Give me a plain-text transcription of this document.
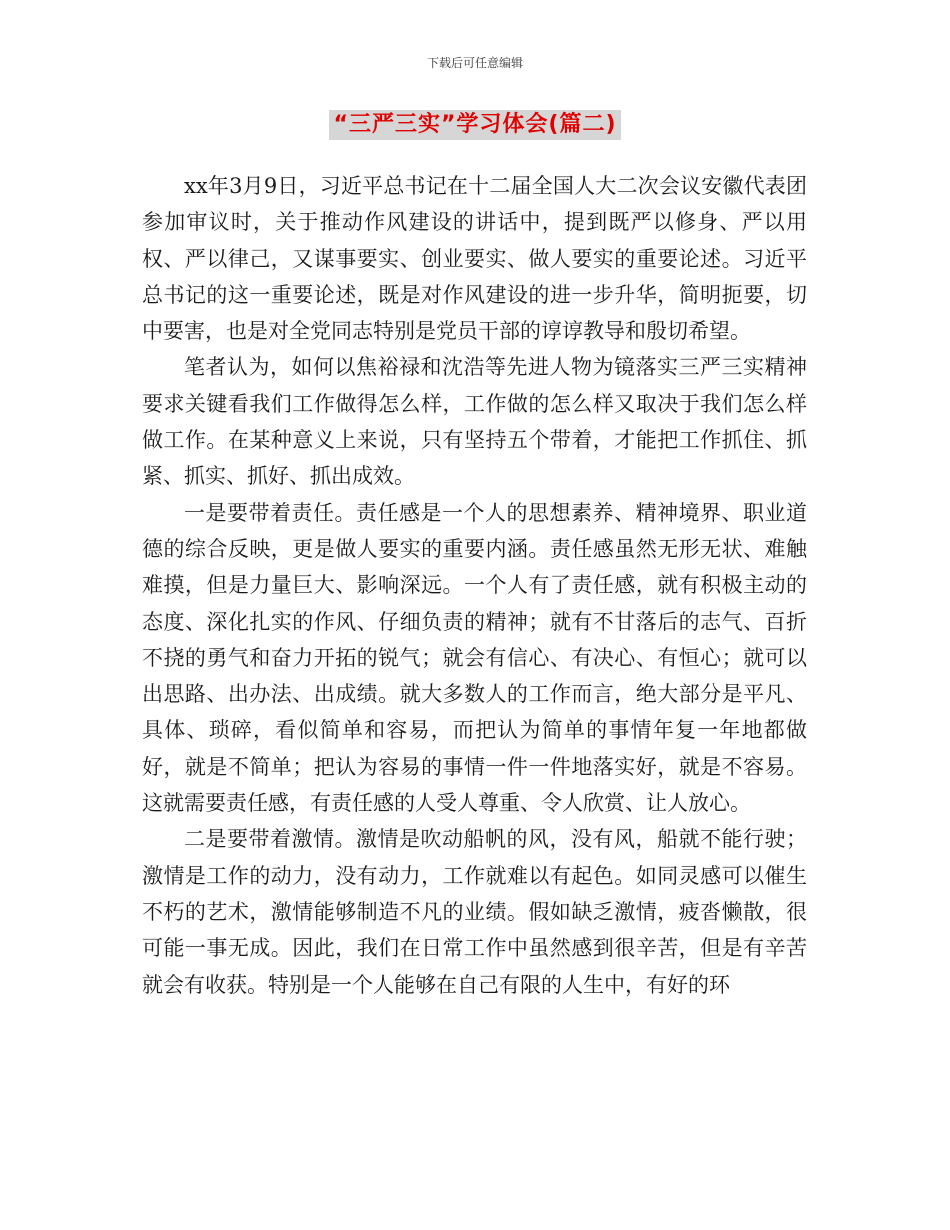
下载后可任意编辑
“三严三实”学习体会(篇二)

xx年3月9日，习近平总书记在十二届全国人大二次会议安徽代表团参加审议时，关于推动作风建设的讲话中，提到既严以修身、严以用权、严以律己，又谋事要实、创业要实、做人要实的重要论述。习近平总书记的这一重要论述，既是对作风建设的进一步升华，简明扼要，切中要害，也是对全党同志特别是党员干部的谆谆教导和殷切希望。

笔者认为，如何以焦裕禄和沈浩等先进人物为镜落实三严三实精神要求关键看我们工作做得怎么样，工作做的怎么样又取决于我们怎么样做工作。在某种意义上来说，只有坚持五个带着，才能把工作抓住、抓紧、抓实、抓好、抓出成效。

一是要带着责任。责任感是一个人的思想素养、精神境界、职业道德的综合反映，更是做人要实的重要内涵。责任感虽然无形无状、难触难摸，但是力量巨大、影响深远。一个人有了责任感，就有积极主动的态度、深化扎实的作风、仔细负责的精神；就有不甘落后的志气、百折不挠的勇气和奋力开拓的锐气；就会有信心、有决心、有恒心；就可以出思路、出办法、出成绩。就大多数人的工作而言，绝大部分是平凡、具体、琐碎，看似简单和容易，而把认为简单的事情年复一年地都做好，就是不简单；把认为容易的事情一件一件地落实好，就是不容易。这就需要责任感，有责任感的人受人尊重、令人欣赏、让人放心。

二是要带着激情。激情是吹动船帆的风，没有风，船就不能行驶；激情是工作的动力，没有动力，工作就难以有起色。如同灵感可以催生不朽的艺术，激情能够制造不凡的业绩。假如缺乏激情，疲沓懒散，很可能一事无成。因此，我们在日常工作中虽然感到很辛苦，但是有辛苦就会有收获。特别是一个人能够在自己有限的人生中，有好的环
